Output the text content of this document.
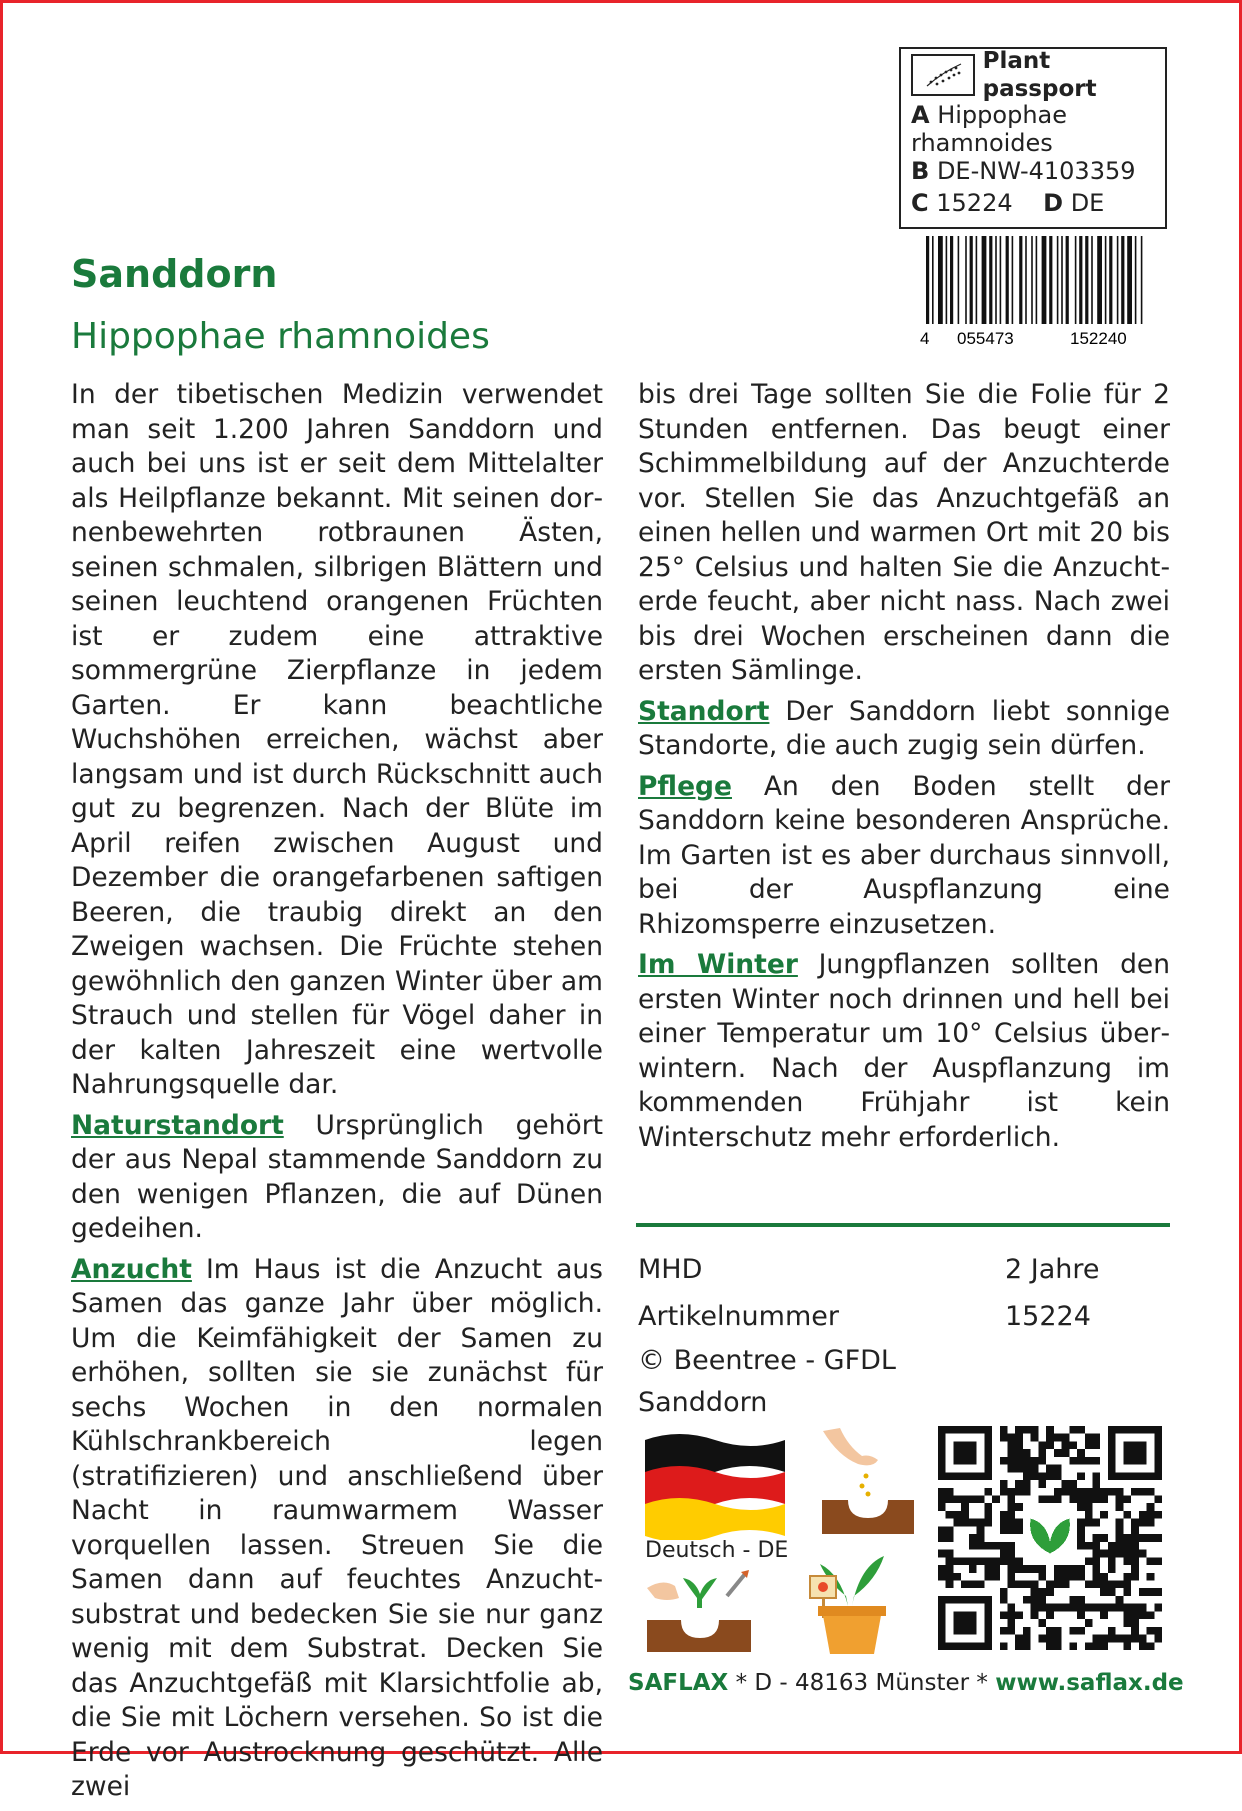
Plant passport
A Hippophae
rhamnoides
B DE-NW-4103359
C 15224 D DE
4 055473	152240
Sanddorn
Hippophae rhamnoides

In der tibetischen Medizin verwendet man seit 1.200 Jahren Sanddorn und auch bei uns ist er seit dem Mittelalter als Heilpflanze bekannt. Mit seinen dornenbewehrten rotbraunen Ästen, seinen schmalen, silbrigen Blättern und seinen leuchtend orangenen Früchten ist er zudem eine attraktive sommergrüne Zierpflanze in jedem Garten. Er kann beachtliche Wuchshöhen erreichen, wächst aber langsam und ist durch Rückschnitt auch gut zu begrenzen. Nach der Blüte im April reifen zwischen August und Dezember die orangefarbenen saftigen Beeren, die traubig direkt an den Zweigen wachsen. Die Früchte stehen gewöhnlich den ganzen Winter über am Strauch und stellen für Vögel daher in der kalten Jahreszeit eine wertvolle Nahrungsquelle dar.

Naturstandort Ursprünglich gehört der aus Nepal stammende Sanddorn zu den wenigen Pflanzen, die auf Dünen gedeihen.

Anzucht Im Haus ist die Anzucht aus Samen das ganze Jahr über möglich. Um die Keimfähigkeit der Samen zu erhöhen, sollten sie sie zunächst für sechs Wochen in den normalen Kühlschrankbereich legen (stratifizieren) und anschließend über Nacht in raumwarmem Wasser vorquellen lassen. Streuen Sie die Samen dann auf feuchtes Anzuchtsubstrat und bedecken Sie sie nur ganz wenig mit dem Substrat. Decken Sie das Anzuchtgefäß mit Klarsichtfolie ab, die Sie mit Löchern versehen. So ist die Erde vor Austrocknung geschützt. Alle zwei

bis drei Tage sollten Sie die Folie für 2 Stunden entfernen. Das beugt einer Schimmelbildung auf der Anzuchterde vor. Stellen Sie das Anzuchtgefäß an einen hellen und warmen Ort mit 20 bis 25° Celsius und halten Sie die Anzuchterde feucht, aber nicht nass. Nach zwei bis drei Wochen erscheinen dann die ersten Sämlinge.

Standort Der Sanddorn liebt sonnige Standorte, die auch zugig sein dürfen.

Pflege An den Boden stellt der Sanddorn keine besonderen Ansprüche. Im Garten ist es aber durchaus sinnvoll, bei der Auspflanzung eine Rhizomsperre einzusetzen.

Im Winter Jungpflanzen sollten den ersten Winter noch drinnen und hell bei einer Temperatur um 10° Celsius überwintern. Nach der Auspflanzung im kommenden Frühjahr ist kein Winterschutz mehr erforderlich.

MHD	2 Jahre
Artikelnummer	15224
© Beentree - GFDL
Sanddorn
Deutsch - DE
SAFLAX * D - 48163 Münster * www.saflax.de
